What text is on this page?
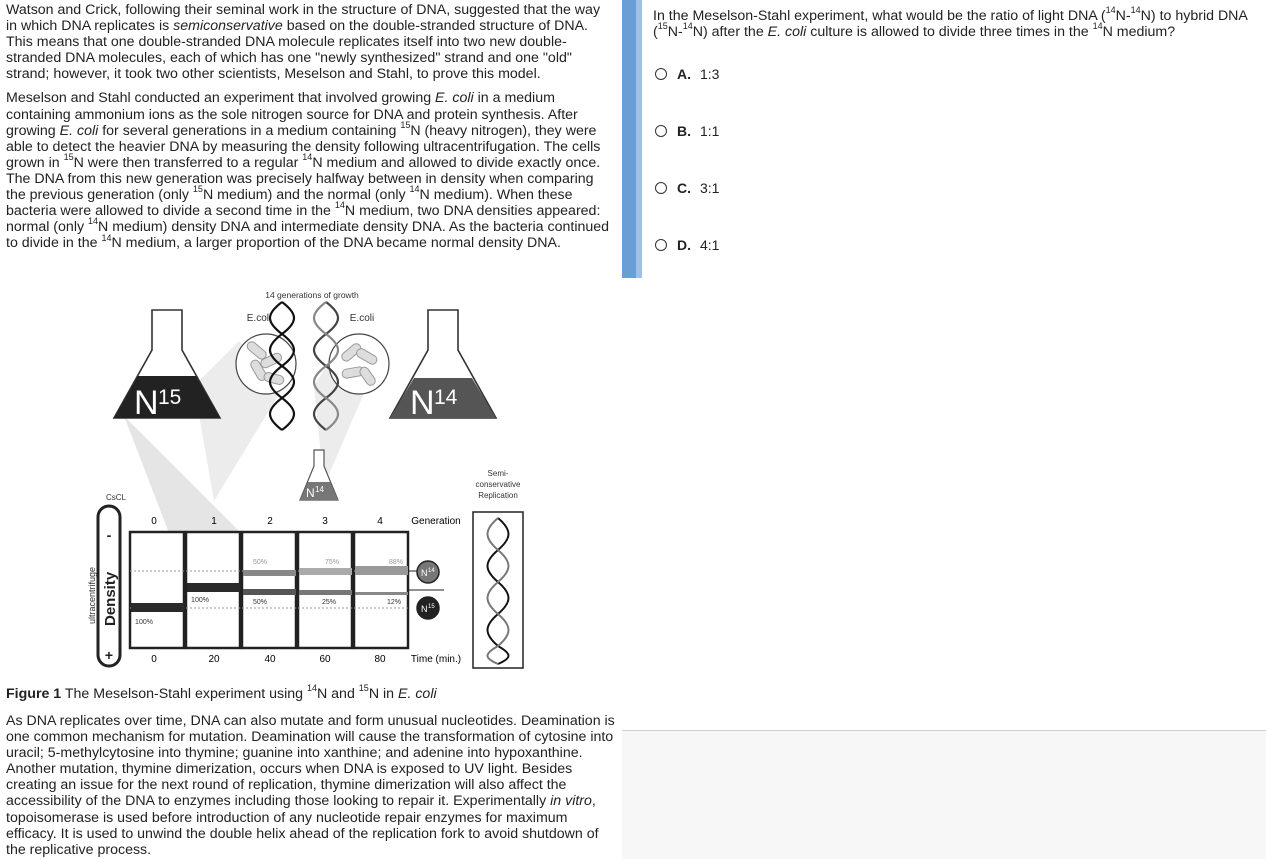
Watson and Crick, following their seminal work in the structure of DNA, suggested that the way in which DNA replicates is semiconservative based on the double-stranded structure of DNA. This means that one double-stranded DNA molecule replicates itself into two new double-stranded DNA molecules, each of which has one "newly synthesized" strand and one "old" strand; however, it took two other scientists, Meselson and Stahl, to prove this model.

Meselson and Stahl conducted an experiment that involved growing E. coli in a medium containing ammonium ions as the sole nitrogen source for DNA and protein synthesis. After growing E. coli for several generations in a medium containing $^{15}$N (heavy nitrogen), they were able to detect the heavier DNA by measuring the density following ultracentrifugation. The cells grown in $^{15}$N were then transferred to a regular $^{14}$N medium and allowed to divide exactly once. The DNA from this new generation was precisely halfway between in density when comparing the previous generation (only $^{15}$N medium) and the normal (only $^{14}$N medium). When these bacteria were allowed to divide a second time in the $^{14}$N medium, two DNA densities appeared: normal (only $^{14}$N medium) density DNA and intermediate density DNA. As the bacteria continued to divide in the $^{14}$N medium, a larger proportion of the DNA became normal density DNA.

14 generations of growth
E.coli	E.coli
N 15	N 14
N 14
CsCL
Semi-
conservative
Replication
-
+
Density
ultracentrifuge
0	1	2	3	4	Generation
50%	75%	88%
100%
100%	50%	25%	12%
N 14
N 15
0	20	40	60	80	Time (min.)
Figure 1 The Meselson-Stahl experiment using $^{14}$N and $^{15}$N in E. coli
As DNA replicates over time, DNA can also mutate and form unusual nucleotides. Deamination is one common mechanism for mutation. Deamination will cause the transformation of cytosine into uracil; 5-methylcytosine into thymine; guanine into xanthine; and adenine into hypoxanthine. Another mutation, thymine dimerization, occurs when DNA is exposed to UV light. Besides creating an issue for the next round of replication, thymine dimerization will also affect the accessibility of the DNA to enzymes including those looking to repair it. Experimentally in vitro, topoisomerase is used before introduction of any nucleotide repair enzymes for maximum efficacy. It is used to unwind the double helix ahead of the replication fork to avoid shutdown of the replicative process.
In the Meselson-Stahl experiment, what would be the ratio of light DNA ($^{14}$N-$^{14}$N) to hybrid DNA ($^{15}$N-$^{14}$N) after the E. coli culture is allowed to divide three times in the $^{14}$N medium?
A. 1:3
B. 1:1
C. 3:1
D. 4:1
